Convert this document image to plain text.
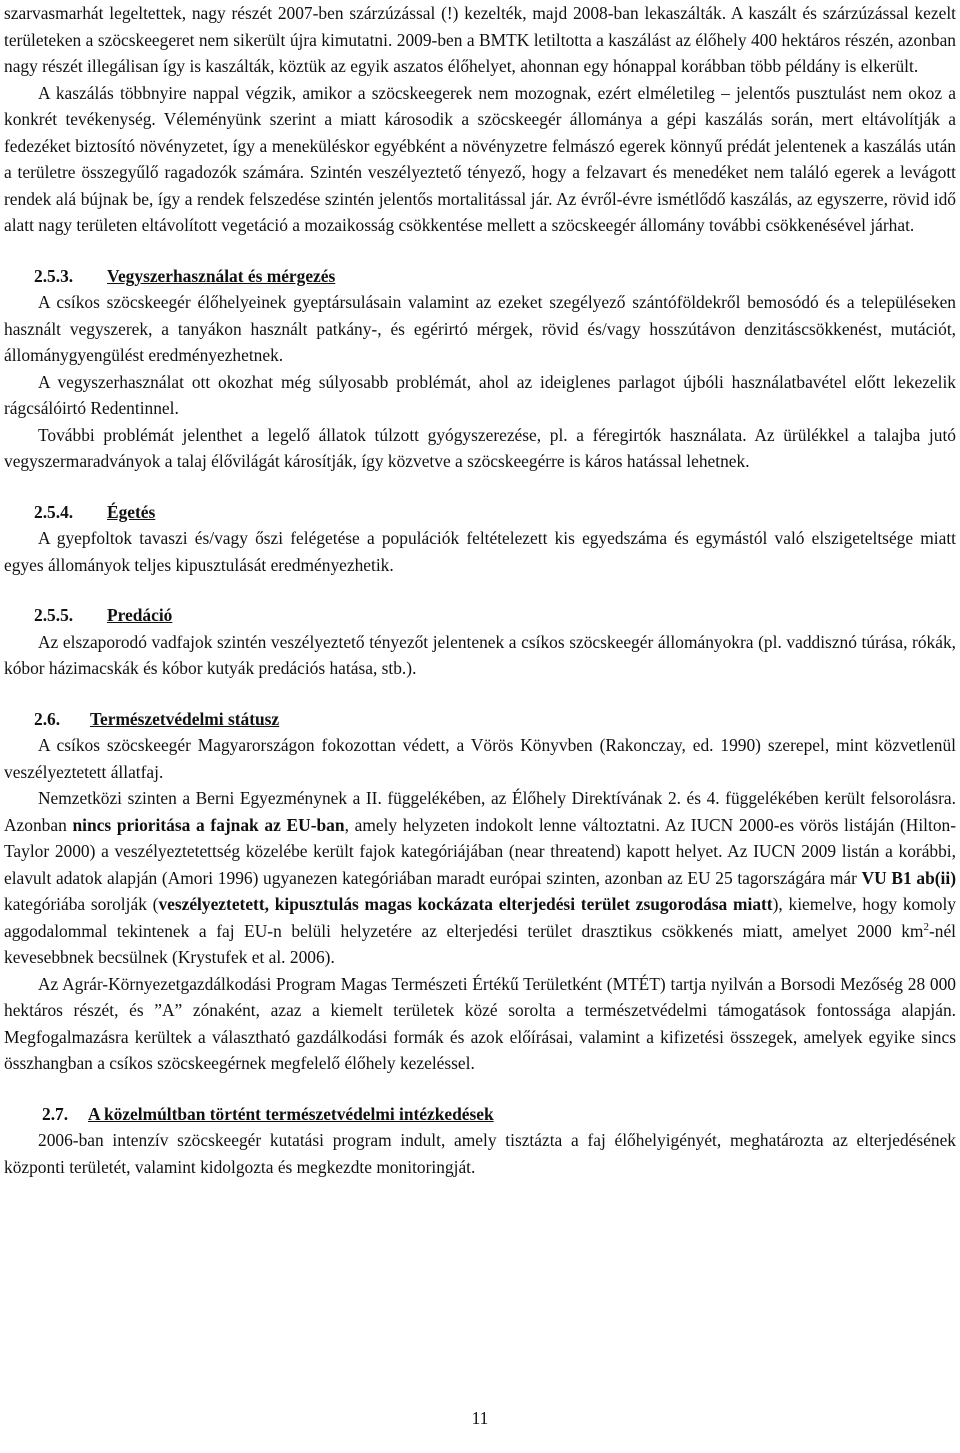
szarvasmarhát legeltettek, nagy részét 2007-ben szárzúzással (!) kezelték, majd 2008-ban lekaszálták. A kaszált és szárzúzással kezelt területeken a szöcskeegeret nem sikerült újra kimutatni. 2009-ben a BMTK letiltotta a kaszálást az élőhely 400 hektáros részén, azonban nagy részét illegálisan így is kaszálták, köztük az egyik aszatos élőhelyet, ahonnan egy hónappal korábban több példány is elkerült.

A kaszálás többnyire nappal végzik, amikor a szöcskeegerek nem mozognak, ezért elméletileg – jelentős pusztulást nem okoz a konkrét tevékenység. Véleményünk szerint a miatt károsodik a szöcskeegér állománya a gépi kaszálás során, mert eltávolítják a fedezéket biztosító növényzetet, így a meneküléskor egyébként a növényzetre felmászó egerek könnyű prédát jelentenek a kaszálás után a területre összegyűlő ragadozók számára. Szintén veszélyeztető tényező, hogy a felzavart és menedéket nem találó egerek a levágott rendek alá bújnak be, így a rendek felszedése szintén jelentős mortalitással jár. Az évről-évre ismétlődő kaszálás, az egyszerre, rövid idő alatt nagy területen eltávolított vegetáció a mozaikosság csökkentése mellett a szöcskeegér állomány további csökkenésével járhat.

2.5.3. Vegyszerhasználat és mérgezés

A csíkos szöcskeegér élőhelyeinek gyeptársulásain valamint az ezeket szegélyező szántóföldekről bemosódó és a településeken használt vegyszerek, a tanyákon használt patkány-, és egérirtó mérgek, rövid és/vagy hosszútávon denzitáscsökkenést, mutációt, állománygyengülést eredményezhetnek.

A vegyszerhasználat ott okozhat még súlyosabb problémát, ahol az ideiglenes parlagot újbóli használatbavétel előtt lekezelik rágcsálóirtó Redentinnel.

További problémát jelenthet a legelő állatok túlzott gyógyszerezése, pl. a féregirtók használata. Az ürülékkel a talajba jutó vegyszermaradványok a talaj élővilágát károsítják, így közvetve a szöcskeegérre is káros hatással lehetnek.

2.5.4. Égetés

A gyepfoltok tavaszi és/vagy őszi felégetése a populációk feltételezett kis egyedszáma és egymástól való elszigeteltsége miatt egyes állományok teljes kipusztulását eredményezhetik.

2.5.5. Predáció

Az elszaporodó vadfajok szintén veszélyeztető tényezőt jelentenek a csíkos szöcskeegér állományokra (pl. vaddisznó túrása, rókák, kóbor házimacskák és kóbor kutyák predációs hatása, stb.).

2.6. Természetvédelmi státusz

A csíkos szöcskeegér Magyarországon fokozottan védett, a Vörös Könyvben (Rakonczay, ed. 1990) szerepel, mint közvetlenül veszélyeztetett állatfaj.

Nemzetközi szinten a Berni Egyezménynek a II. függelékében, az Élőhely Direktívának 2. és 4. függelékében került felsorolásra. Azonban nincs prioritása a fajnak az EU-ban, amely helyzeten indokolt lenne változtatni. Az IUCN 2000-es vörös listáján (Hilton-Taylor 2000) a veszélyeztetettség közelébe került fajok kategóriájában (near threatend) kapott helyet. Az IUCN 2009 listán a korábbi, elavult adatok alapján (Amori 1996) ugyanezen kategóriában maradt európai szinten, azonban az EU 25 tagországára már VU B1 ab(ii) kategóriába sorolják (veszélyeztetett, kipusztulás magas kockázata elterjedési terület zsugorodása miatt), kiemelve, hogy komoly aggodalommal tekintenek a faj EU-n belüli helyzetére az elterjedési terület drasztikus csökkenés miatt, amelyet 2000 $km^2$-nél kevesebbnek becsülnek (Krystufek et al. 2006).

Az Agrár-Környezetgazdálkodási Program Magas Természeti Értékű Területként (MTÉT) tartja nyilván a Borsodi Mezőség 28 000 hektáros részét, és ”A” zónaként, azaz a kiemelt területek közé sorolta a természetvédelmi támogatások fontossága alapján. Megfogalmazásra kerültek a választható gazdálkodási formák és azok előírásai, valamint a kifizetési összegek, amelyek egyike sincs összhangban a csíkos szöcskeegérnek megfelelő élőhely kezeléssel.

2.7. A közelmúltban történt természetvédelmi intézkedések

2006-ban intenzív szöcskeegér kutatási program indult, amely tisztázta a faj élőhelyigényét, meghatározta az elterjedésének központi területét, valamint kidolgozta és megkezdte monitoringját.

11
